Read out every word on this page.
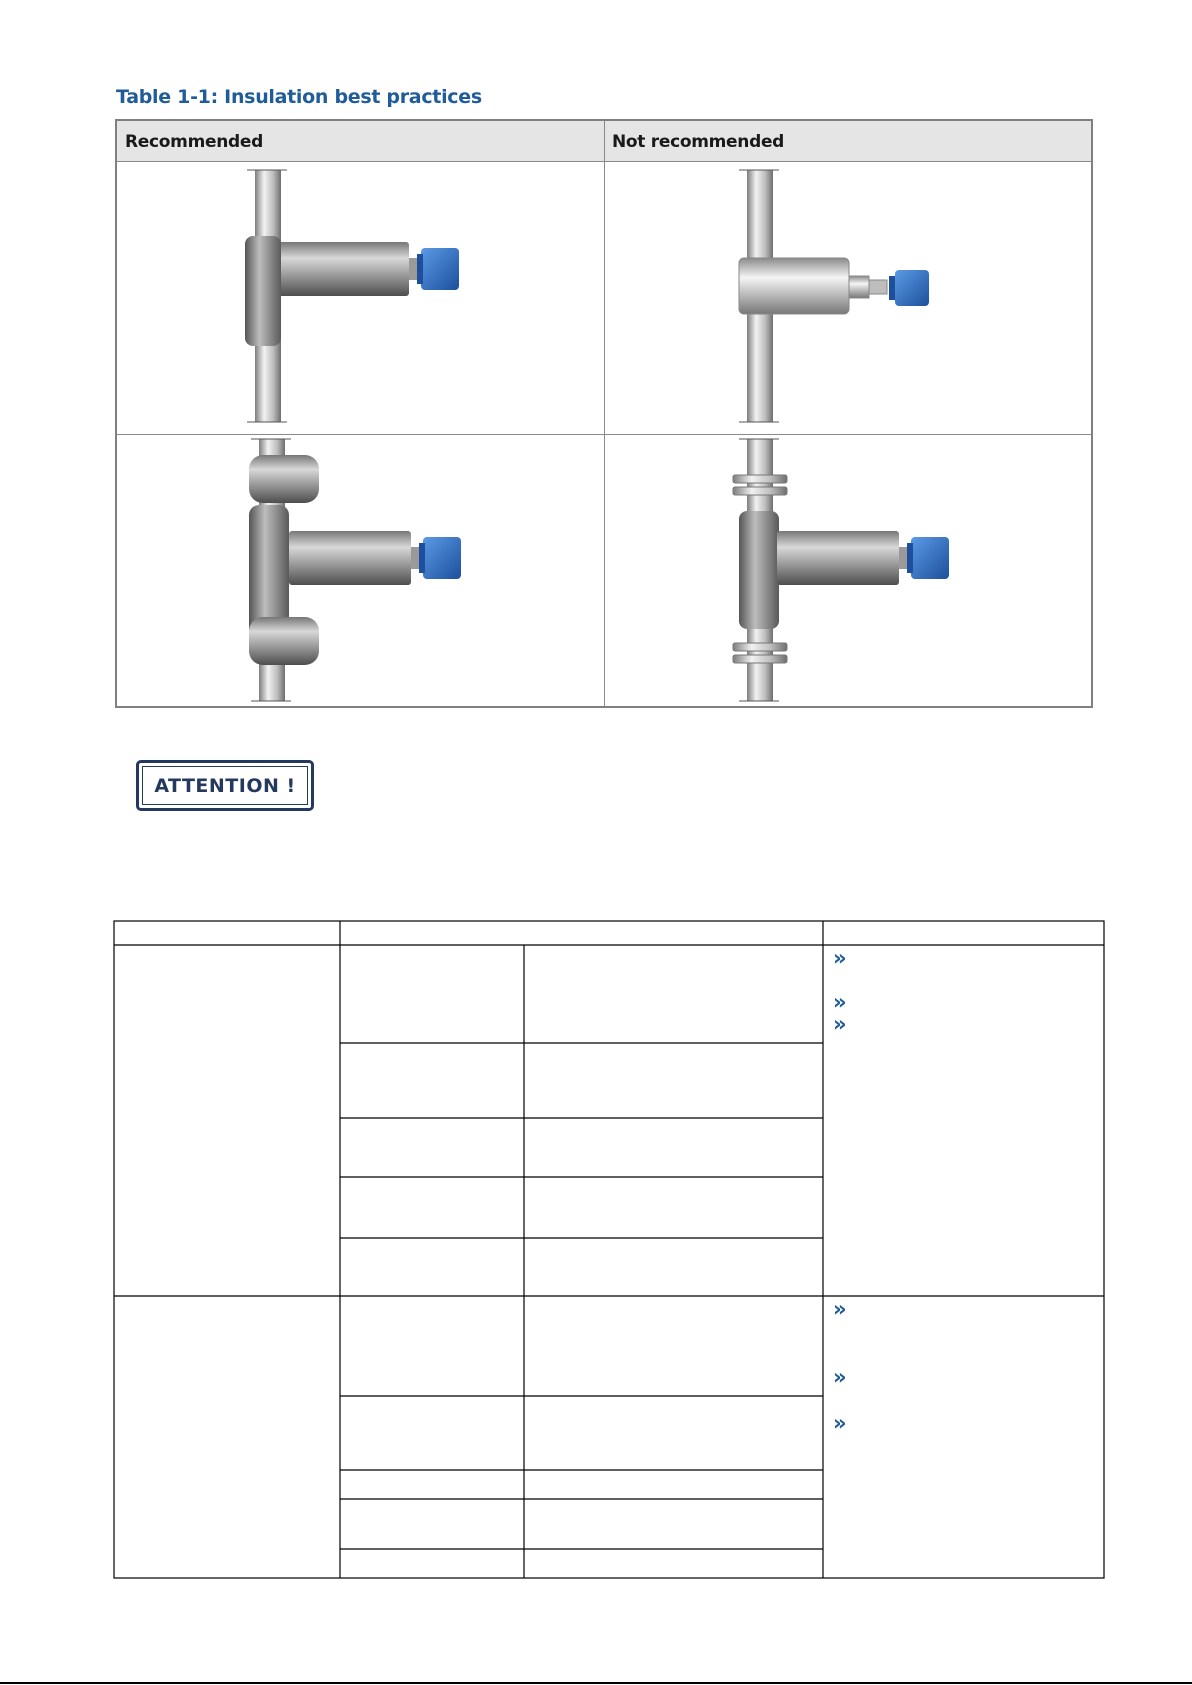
Table 1-1: Insulation best practices
Recommended	Not recommended
ATTENTION !
»
»
»
»
»
»
